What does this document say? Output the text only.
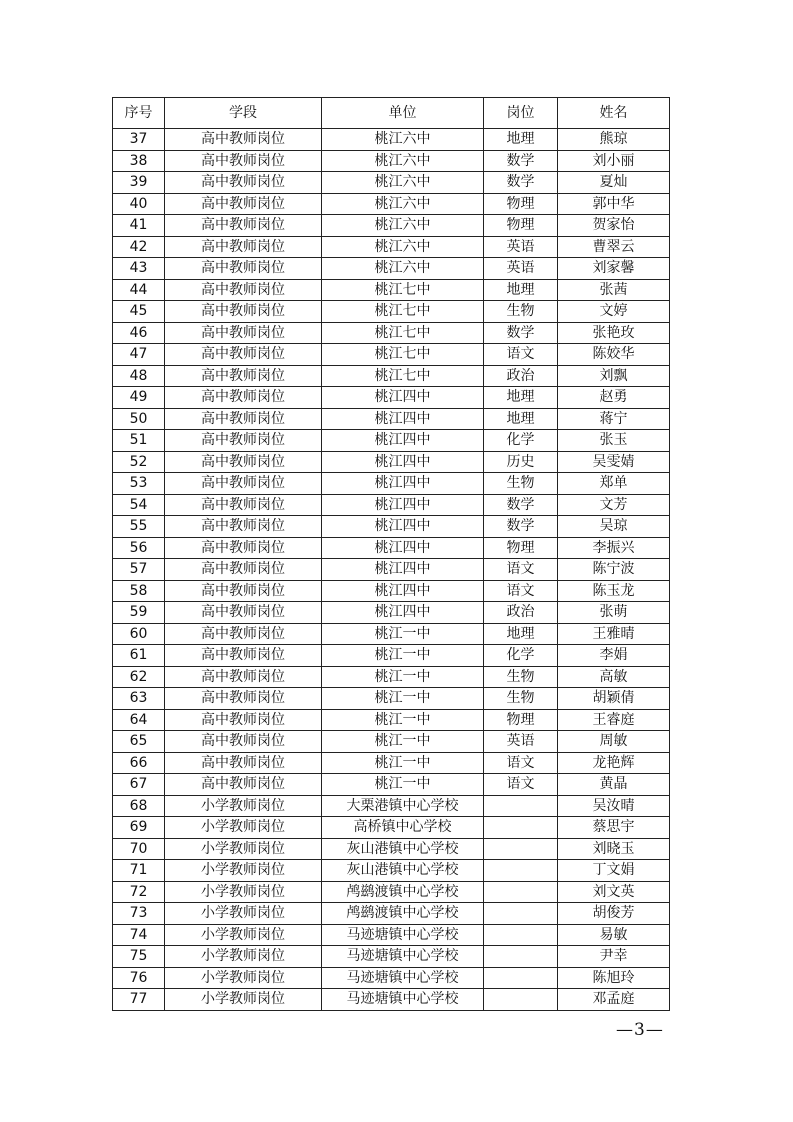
序号	学段	单位	岗位	姓名
37	高中教师岗位	桃江六中	地理	熊琼
38	高中教师岗位	桃江六中	数学	刘小丽
39	高中教师岗位	桃江六中	数学	夏灿
40	高中教师岗位	桃江六中	物理	郭中华
41	高中教师岗位	桃江六中	物理	贺家怡
42	高中教师岗位	桃江六中	英语	曹翠云
43	高中教师岗位	桃江六中	英语	刘家馨
44	高中教师岗位	桃江七中	地理	张茜
45	高中教师岗位	桃江七中	生物	文婷
46	高中教师岗位	桃江七中	数学	张艳玫
47	高中教师岗位	桃江七中	语文	陈姣华
48	高中教师岗位	桃江七中	政治	刘飘
49	高中教师岗位	桃江四中	地理	赵勇
50	高中教师岗位	桃江四中	地理	蒋宁
51	高中教师岗位	桃江四中	化学	张玉
52	高中教师岗位	桃江四中	历史	吴雯婧
53	高中教师岗位	桃江四中	生物	郑单
54	高中教师岗位	桃江四中	数学	文芳
55	高中教师岗位	桃江四中	数学	吴琼
56	高中教师岗位	桃江四中	物理	李振兴
57	高中教师岗位	桃江四中	语文	陈宁波
58	高中教师岗位	桃江四中	语文	陈玉龙
59	高中教师岗位	桃江四中	政治	张萌
60	高中教师岗位	桃江一中	地理	王雅晴
61	高中教师岗位	桃江一中	化学	李娟
62	高中教师岗位	桃江一中	生物	高敏
63	高中教师岗位	桃江一中	生物	胡颖倩
64	高中教师岗位	桃江一中	物理	王睿庭
65	高中教师岗位	桃江一中	英语	周敏
66	高中教师岗位	桃江一中	语文	龙艳辉
67	高中教师岗位	桃江一中	语文	黄晶
68	小学教师岗位	大栗港镇中心学校		吴汝晴
69	小学教师岗位	高桥镇中心学校		蔡思宇
70	小学教师岗位	灰山港镇中心学校		刘晓玉
71	小学教师岗位	灰山港镇中心学校		丁文娟
72	小学教师岗位	鸬鹚渡镇中心学校		刘文英
73	小学教师岗位	鸬鹚渡镇中心学校		胡俊芳
74	小学教师岗位	马迹塘镇中心学校		易敏
75	小学教师岗位	马迹塘镇中心学校		尹幸
76	小学教师岗位	马迹塘镇中心学校		陈旭玲
77	小学教师岗位	马迹塘镇中心学校		邓孟庭
—3—
